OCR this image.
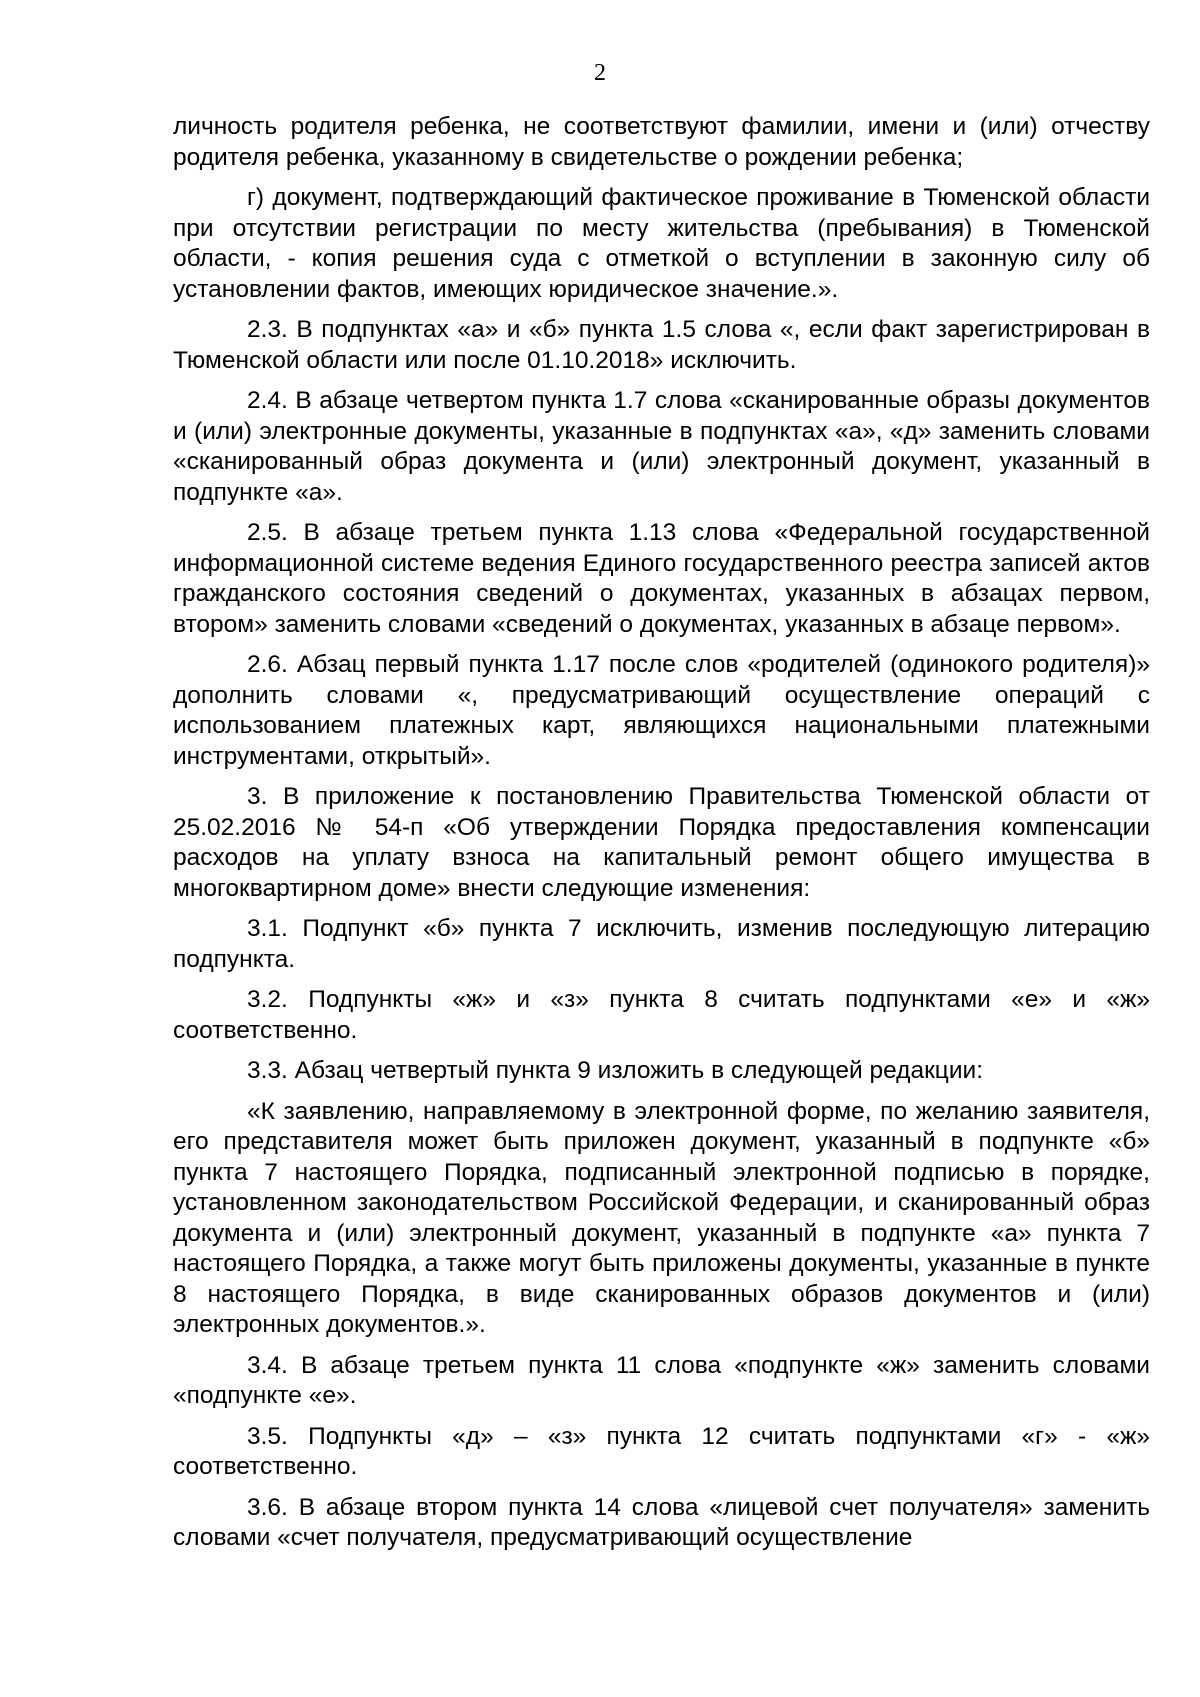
2

личность родителя ребенка, не соответствуют фамилии, имени и (или) отчеству родителя ребенка, указанному в свидетельстве о рождении ребенка;

г) документ, подтверждающий фактическое проживание в Тюменской области при отсутствии регистрации по месту жительства (пребывания) в Тюменской области, - копия решения суда с отметкой о вступлении в законную силу об установлении фактов, имеющих юридическое значение.».

2.3. В подпунктах «а» и «б» пункта 1.5 слова «, если факт зарегистрирован в Тюменской области или после 01.10.2018» исключить.

2.4. В абзаце четвертом пункта 1.7 слова «сканированные образы документов и (или) электронные документы, указанные в подпунктах «а», «д» заменить словами «сканированный образ документа и (или) электронный документ, указанный в подпункте «а».

2.5. В абзаце третьем пункта 1.13 слова «Федеральной государственной информационной системе ведения Единого государственного реестра записей актов гражданского состояния сведений о документах, указанных в абзацах первом, втором» заменить словами «сведений о документах, указанных в абзаце первом».

2.6. Абзац первый пункта 1.17 после слов «родителей (одинокого родителя)» дополнить словами «, предусматривающий осуществление операций с использованием платежных карт, являющихся национальными платежными инструментами, открытый».

3. В приложение к постановлению Правительства Тюменской области от 25.02.2016 № 54-п «Об утверждении Порядка предоставления компенсации расходов на уплату взноса на капитальный ремонт общего имущества в многоквартирном доме» внести следующие изменения:

3.1. Подпункт «б» пункта 7 исключить, изменив последующую литерацию подпункта.

3.2. Подпункты «ж» и «з» пункта 8 считать подпунктами «е» и «ж» соответственно.

3.3. Абзац четвертый пункта 9 изложить в следующей редакции:

«К заявлению, направляемому в электронной форме, по желанию заявителя, его представителя может быть приложен документ, указанный в подпункте «б» пункта 7 настоящего Порядка, подписанный электронной подписью в порядке, установленном законодательством Российской Федерации, и сканированный образ документа и (или) электронный документ, указанный в подпункте «а» пункта 7 настоящего Порядка, а также могут быть приложены документы, указанные в пункте 8 настоящего Порядка, в виде сканированных образов документов и (или) электронных документов.».

3.4. В абзаце третьем пункта 11 слова «подпункте «ж» заменить словами «подпункте «е».

3.5. Подпункты «д» – «з» пункта 12 считать подпунктами «г» - «ж» соответственно.

3.6. В абзаце втором пункта 14 слова «лицевой счет получателя» заменить словами «счет получателя, предусматривающий осуществление
